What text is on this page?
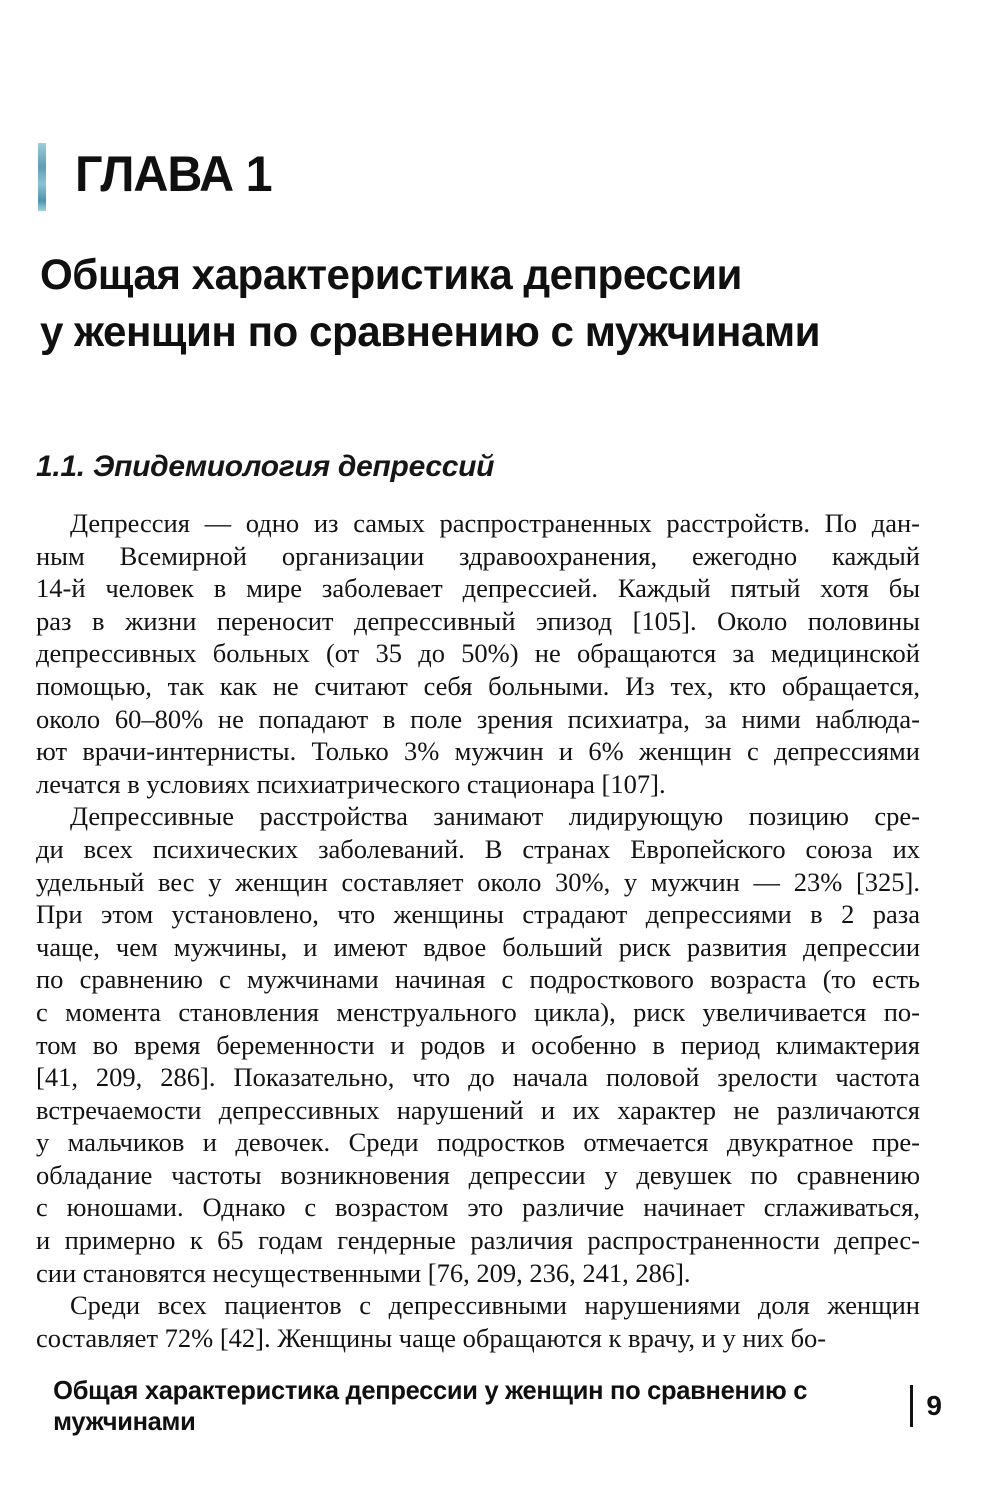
ГЛАВА 1
Общая характеристика депрессии
у женщин по сравнению с мужчинами
1.1. Эпидемиология депрессий
Депрессия — одно из самых распространенных расстройств. По дан-
ным Всемирной организации здравоохранения, ежегодно каждый
14-й человек в мире заболевает депрессией. Каждый пятый хотя бы
раз в жизни переносит депрессивный эпизод [105]. Около половины
депрессивных больных (от 35 до 50%) не обращаются за медицинской
помощью, так как не считают себя больными. Из тех, кто обращается,
около 60–80% не попадают в поле зрения психиатра, за ними наблюда-
ют врачи-интернисты. Только 3% мужчин и 6% женщин с депрессиями
лечатся в условиях психиатрического стационара [107].
Депрессивные расстройства занимают лидирующую позицию сре-
ди всех психических заболеваний. В странах Европейского союза их
удельный вес у женщин составляет около 30%, у мужчин — 23% [325].
При этом установлено, что женщины страдают депрессиями в 2 раза
чаще, чем мужчины, и имеют вдвое больший риск развития депрессии
по сравнению с мужчинами начиная с подросткового возраста (то есть
с момента становления менструального цикла), риск увеличивается по-
том во время беременности и родов и особенно в период климактерия
[41, 209, 286]. Показательно, что до начала половой зрелости частота
встречаемости депрессивных нарушений и их характер не различаются
у мальчиков и девочек. Среди подростков отмечается двукратное пре-
обладание частоты возникновения депрессии у девушек по сравнению
с юношами. Однако с возрастом это различие начинает сглаживаться,
и примерно к 65 годам гендерные различия распространенности депрес-
сии становятся несущественными [76, 209, 236, 241, 286].
Среди всех пациентов с депрессивными нарушениями доля женщин
составляет 72% [42]. Женщины чаще обращаются к врачу, и у них бо-
Общая характеристика депрессии у женщин по сравнению с мужчинами	9
